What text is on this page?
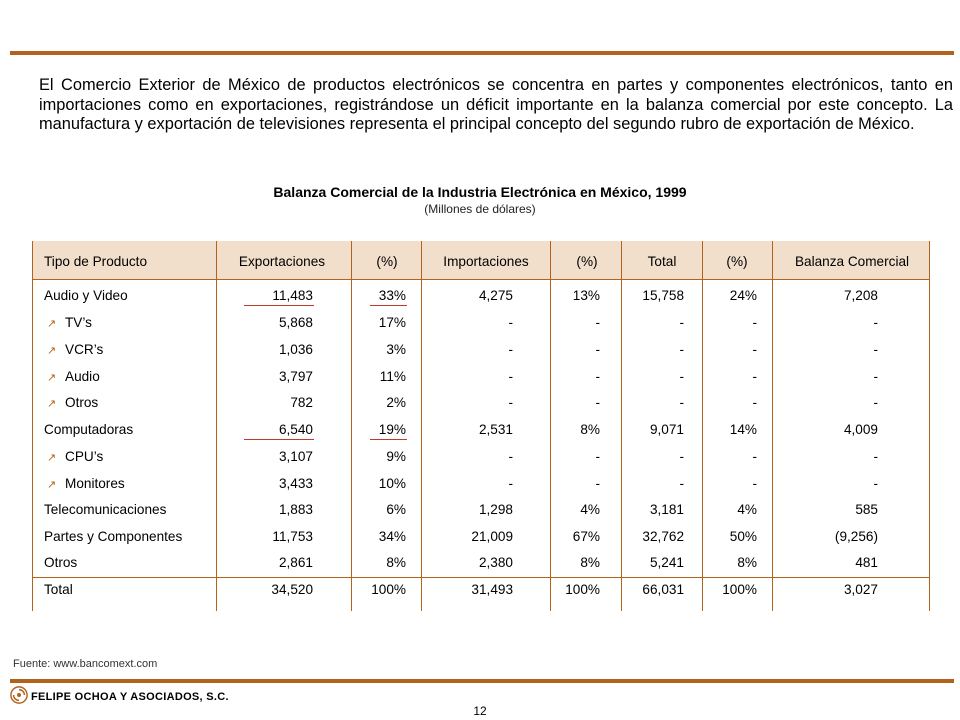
El Comercio Exterior de México de productos electrónicos se concentra en partes y componentes electrónicos, tanto en importaciones como en exportaciones, registrándose un déficit importante en la balanza comercial por este concepto. La manufactura y exportación de televisiones representa el principal concepto del segundo rubro de exportación de México.

Balanza Comercial de la Industria Electrónica en México, 1999
(Millones de dólares)
Tipo de Producto	Exportaciones	(%)	Importaciones	(%)	Total	(%)	Balanza Comercial
Audio y Video	11,483	33%	4,275	13%	15,758	24%	7,208
↗ TV’s	5,868	17%	-	-	-	-	-
↗ VCR’s	1,036	3%	-	-	-	-	-
↗ Audio	3,797	11%	-	-	-	-	-
↗ Otros	782	2%	-	-	-	-	-
Computadoras	6,540	19%	2,531	8%	9,071	14%	4,009
↗ CPU’s	3,107	9%	-	-	-	-	-
↗ Monitores	3,433	10%	-	-	-	-	-
Telecomunicaciones	1,883	6%	1,298	4%	3,181	4%	585
Partes y Componentes	11,753	34%	21,009	67%	32,762	50%	(9,256)
Otros	2,861	8%	2,380	8%	5,241	8%	481
Total	34,520	100%	31,493	100%	66,031	100%	3,027
Fuente: www.bancomext.com
FELIPE OCHOA Y ASOCIADOS, S.C.
12
